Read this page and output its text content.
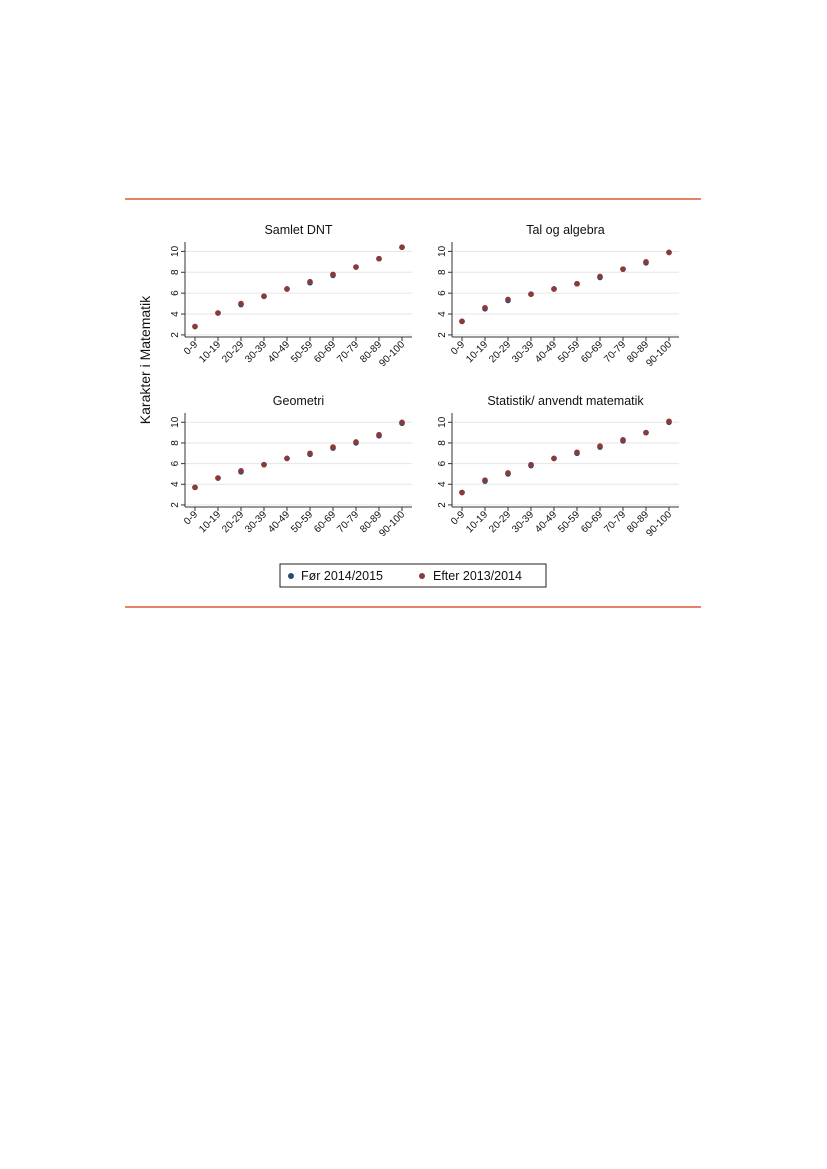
Karakter i Matematik
Samlet DNT
2
4
6
8
10
0-9
10-19
20-29
30-39
40-49
50-59
60-69
70-79
80-89
90-100
Tal og algebra
2
4
6
8
10
0-9
10-19
20-29
30-39
40-49
50-59
60-69
70-79
80-89
90-100
Geometri
2
4
6
8
10
0-9
10-19
20-29
30-39
40-49
50-59
60-69
70-79
80-89
90-100
Statistik/ anvendt matematik
2
4
6
8
10
0-9
10-19
20-29
30-39
40-49
50-59
60-69
70-79
80-89
90-100
Før 2014/2015	Efter 2013/2014
